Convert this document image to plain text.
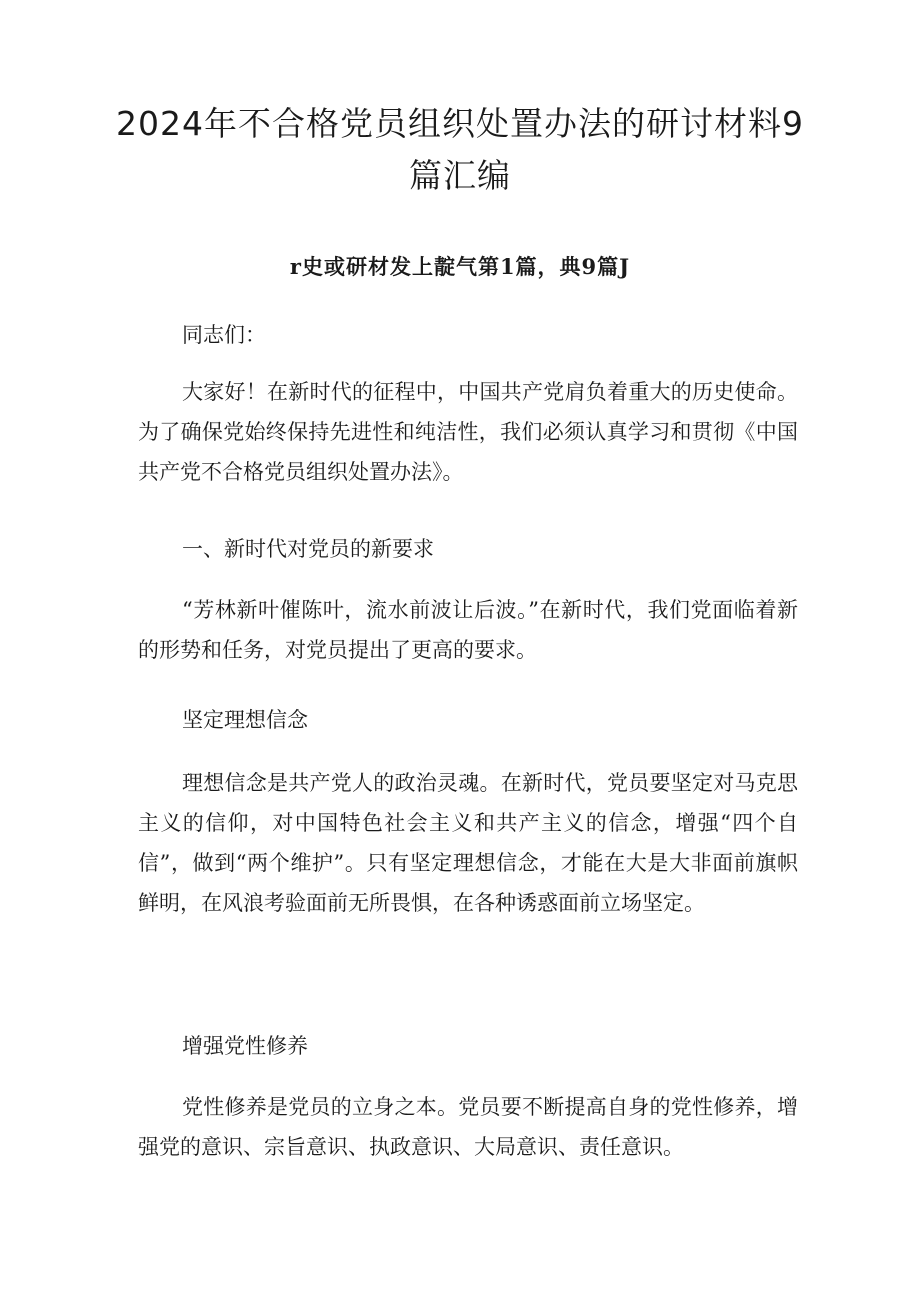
2024年不合格党员组织处置办法的研讨材料9篇汇编
r史或研材发上靛气第1篇，典9篇J

同志们：

大家好！在新时代的征程中，中国共产党肩负着重大的历史使命。为了确保党始终保持先进性和纯洁性，我们必须认真学习和贯彻《中国共产党不合格党员组织处置办法》。

一、新时代对党员的新要求

“芳林新叶催陈叶，流水前波让后波。”在新时代，我们党面临着新的形势和任务，对党员提出了更高的要求。

坚定理想信念

理想信念是共产党人的政治灵魂。在新时代，党员要坚定对马克思主义的信仰，对中国特色社会主义和共产主义的信念，增强“四个自信”，做到“两个维护”。只有坚定理想信念，才能在大是大非面前旗帜鲜明，在风浪考验面前无所畏惧，在各种诱惑面前立场坚定。

增强党性修养

党性修养是党员的立身之本。党员要不断提高自身的党性修养，增强党的意识、宗旨意识、执政意识、大局意识、责任意识。
